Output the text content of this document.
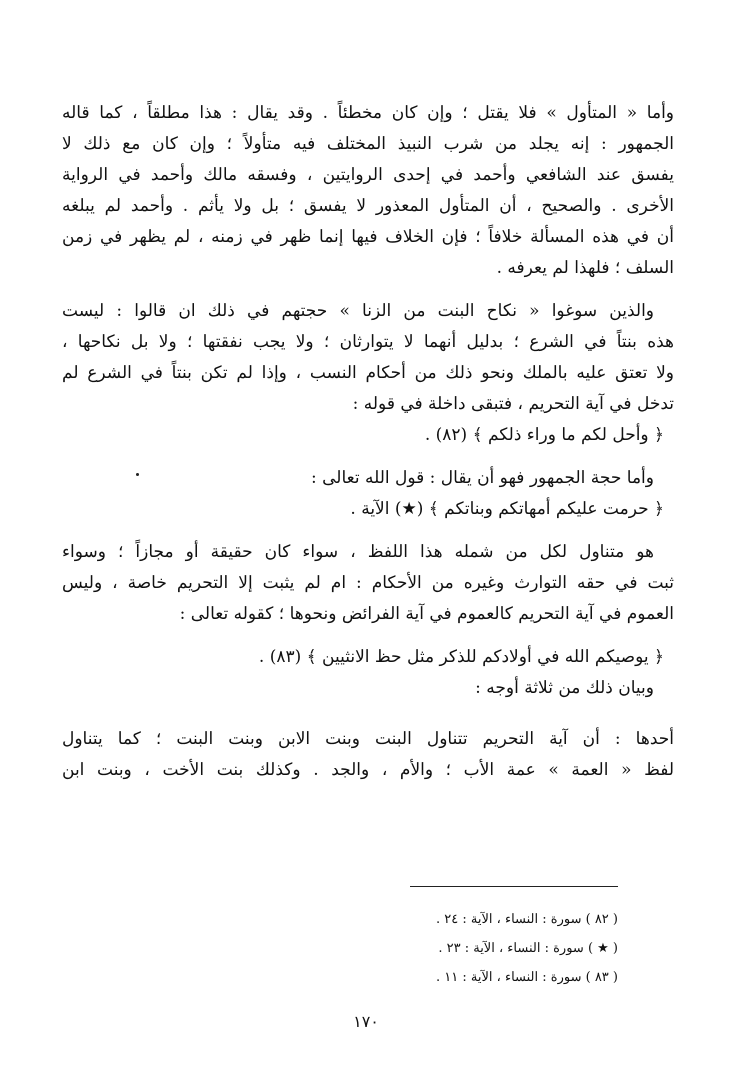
وأما « المتأول » فلا يقتل ؛ وإن كان مخطئاً . وقد يقال : هذا مطلقاً ، كما قاله
الجمهور : إنه يجلد من شرب النبيذ المختلف فيه متأولاً ؛ وإن كان مع ذلك لا
يفسق عند الشافعي وأحمد في إحدى الروايتين ، وفسقه مالك وأحمد في الرواية
الأخرى . والصحيح ، أن المتأول المعذور لا يفسق ؛ بل ولا يأثم . وأحمد لم يبلغه
أن في هذه المسألة خلافاً ؛ فإن الخلاف فيها إنما ظهر في زمنه ، لم يظهر في زمن
السلف ؛ فلهذا لم يعرفه .
والذين سوغوا « نكاح البنت من الزنا » حجتهم في ذلك ان قالوا : ليست
هذه بنتاً في الشرع ؛ بدليل أنهما لا يتوارثان ؛ ولا يجب نفقتها ؛ ولا بل نكاحها ،
ولا تعتق عليه بالملك ونحو ذلك من أحكام النسب ، وإذا لم تكن بنتاً في الشرع لم
تدخل في آية التحريم ، فتبقى داخلة في قوله :
﴿ وأحل لكم ما وراء ذلكم ﴾ (٨٢) .
وأما حجة الجمهور فهو أن يقال : قول الله تعالى :
﴿ حرمت عليكم أمهاتكم وبناتكم ﴾ (★) الآية .
هو متناول لكل من شمله هذا اللفظ ، سواء كان حقيقة أو مجازاً ؛ وسواء
ثبت في حقه التوارث وغيره من الأحكام : ام لم يثبت إلا التحريم خاصة ، وليس
العموم في آية التحريم كالعموم في آية الفرائض ونحوها ؛ كقوله تعالى :
﴿ يوصيكم الله في أولادكم للذكر مثل حظ الانثيين ﴾ (٨٣) .
وبيان ذلك من ثلاثة أوجه :
أحدها : أن آية التحريم تتناول البنت وبنت الابن وبنت البنت ؛ كما يتناول
لفظ « العمة » عمة الأب ؛ والأم ، والجد . وكذلك بنت الأخت ، وبنت ابن
( ٨٢ ) سورة : النساء ، الآية : ٢٤ .
( ★ ) سورة : النساء ، الآية : ٢٣ .
( ٨٣ ) سورة : النساء ، الآية : ١١ .
١٧٠
